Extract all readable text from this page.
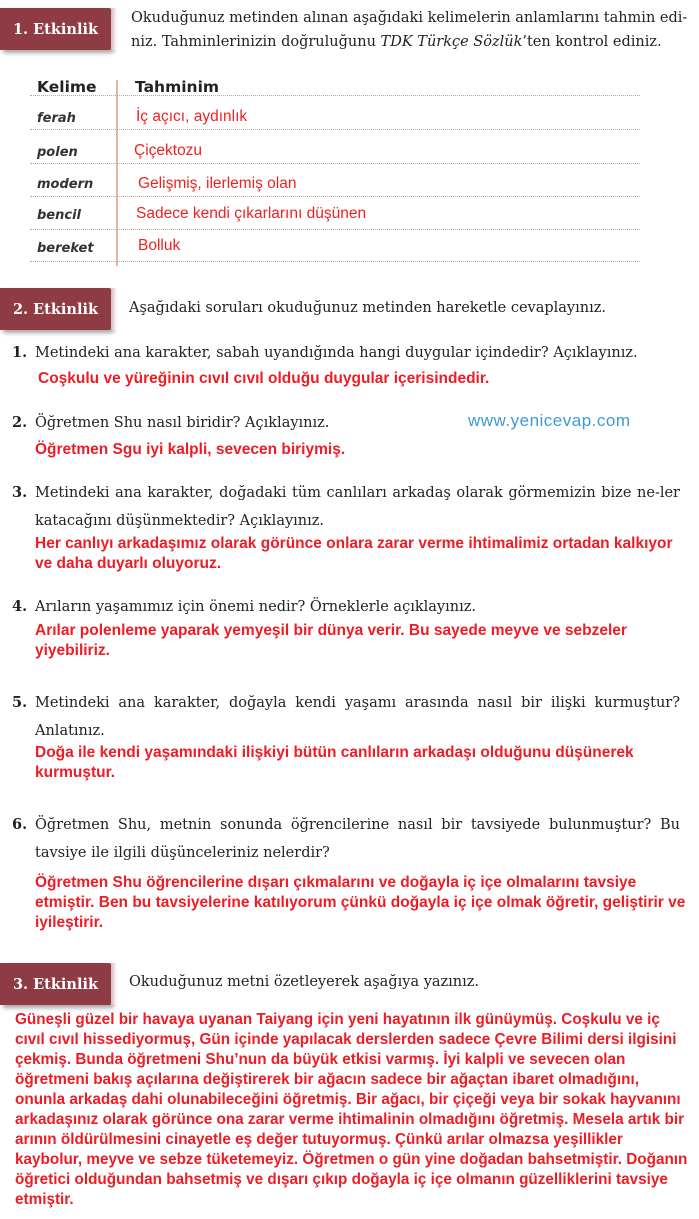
1. Etkinlik
Okuduğunuz metinden alınan aşağıdaki kelimelerin anlamlarını tahmin edi-niz. Tahminlerinizin doğruluğunu TDK Türkçe Sözlük’ten kontrol ediniz.
Kelime Tahminim
ferah	İç açıcı, aydınlık
polen	Çiçektozu
modern	Gelişmiş, ilerlemiş olan
bencil	Sadece kendi çıkarlarını düşünen
bereket	Bolluk
2. Etkinlik	Aşağıdaki soruları okuduğunuz metinden hareketle cevaplayınız.
1. Metindeki ana karakter, sabah uyandığında hangi duygular içindedir? Açıklayınız.
Coşkulu ve yüreğinin cıvıl cıvıl olduğu duygular içerisindedir.
2. Öğretmen Shu nasıl biridir? Açıklayınız.	www.yenicevap.com
Öğretmen Sgu iyi kalpli, sevecen biriymiş.
3. Metindeki ana karakter, doğadaki tüm canlıları arkadaş olarak görmemizin bize ne-ler katacağını düşünmektedir? Açıklayınız.
Her canlıyı arkadaşımız olarak görünce onlara zarar verme ihtimalimiz ortadan kalkıyor ve daha duyarlı oluyoruz.
4. Arıların yaşamımız için önemi nedir? Örneklerle açıklayınız.
Arılar polenleme yaparak yemyeşil bir dünya verir. Bu sayede meyve ve sebzeler yiyebiliriz.
5. Metindeki ana karakter, doğayla kendi yaşamı arasında nasıl bir ilişki kurmuştur? Anlatınız.
Doğa ile kendi yaşamındaki ilişkiyi bütün canlıların arkadaşı olduğunu düşünerek kurmuştur.
6. Öğretmen Shu, metnin sonunda öğrencilerine nasıl bir tavsiyede bulunmuştur? Bu tavsiye ile ilgili düşünceleriniz nelerdir?
Öğretmen Shu öğrencilerine dışarı çıkmalarını ve doğayla iç içe olmalarını tavsiye etmiştir. Ben bu tavsiyelerine katılıyorum çünkü doğayla iç içe olmak öğretir, geliştirir ve iyileştirir.
3. Etkinlik	Okuduğunuz metni özetleyerek aşağıya yazınız.
Güneşli güzel bir havaya uyanan Taiyang için yeni hayatının ilk günüymüş. Coşkulu ve iç cıvıl cıvıl hissediyormuş, Gün içinde yapılacak derslerden sadece Çevre Bilimi dersi ilgisini çekmiş. Bunda öğretmeni Shu’nun da büyük etkisi varmış. İyi kalpli ve sevecen olan öğretmeni bakış açılarına değiştirerek bir ağacın sadece bir ağaçtan ibaret olmadığını, onunla arkadaş dahi olunabileceğini öğretmiş. Bir ağacı, bir çiçeği veya bir sokak hayvanını arkadaşınız olarak görünce ona zarar verme ihtimalinin olmadığını öğretmiş. Mesela artık bir arının öldürülmesini cinayetle eş değer tutuyormuş. Çünkü arılar olmazsa yeşillikler kaybolur, meyve ve sebze tüketemeyiz. Öğretmen o gün yine doğadan bahsetmiştir. Doğanın öğretici olduğundan bahsetmiş ve dışarı çıkıp doğayla iç içe olmanın güzelliklerini tavsiye etmiştir.
